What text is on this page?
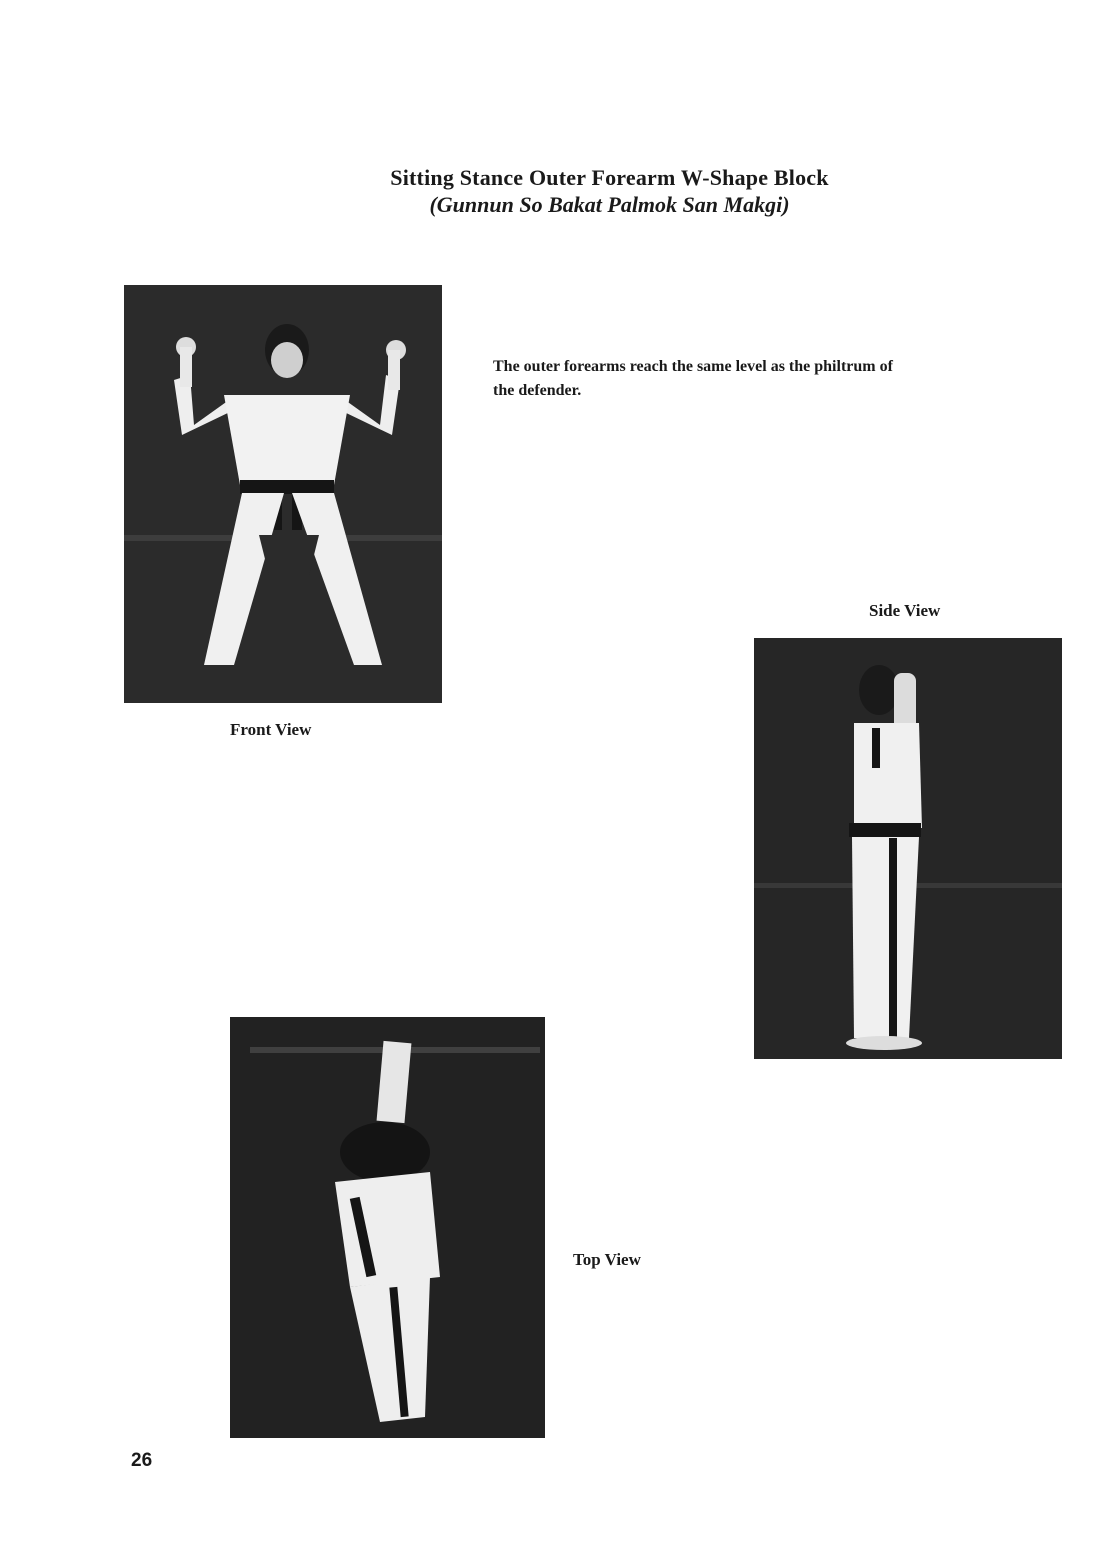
Sitting Stance Outer Forearm W-Shape Block
(Gunnun So Bakat Palmok San Makgi)
Front View
The outer forearms reach the same level as the philtrum of the defender.
Side View
Top View
26
